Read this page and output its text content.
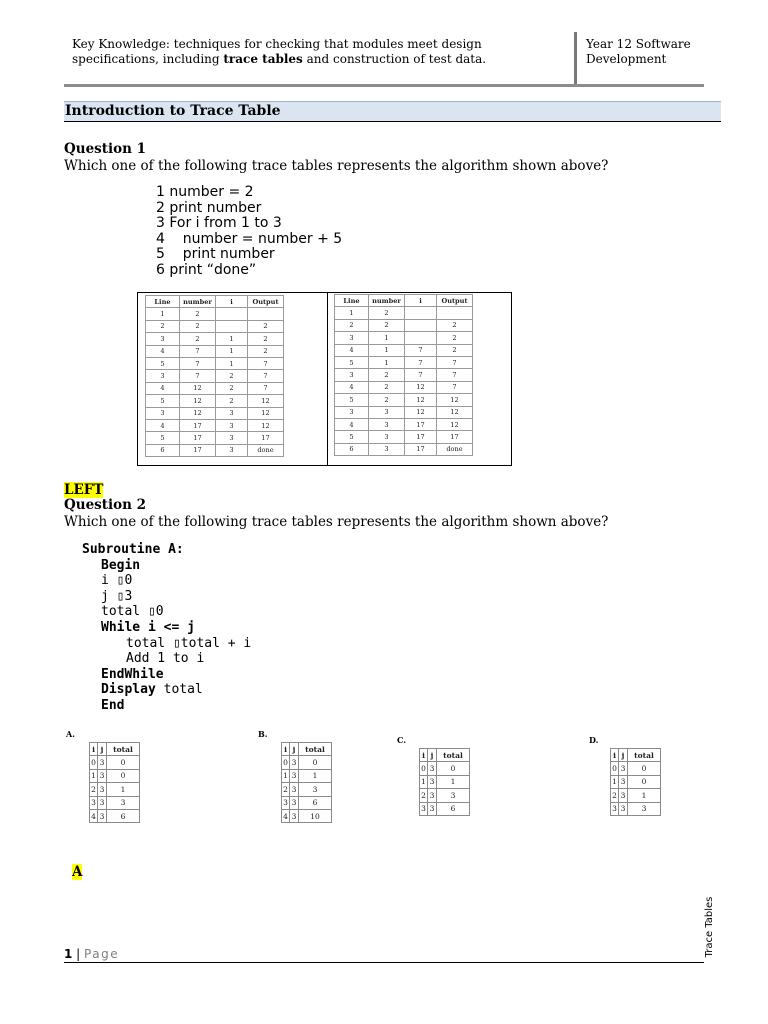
Key Knowledge: techniques for checking that modules meet design specifications, including trace tables and construction of test data.
Year 12 Software
Development
Introduction to Trace Table
Question 1
Which one of the following trace tables represents the algorithm shown above?
1 number = 2
2 print number
3 For i from 1 to 3
4    number = number + 5
5    print number
6 print “done”
Line	number	i	Output
1	2		
2	2		2
3	2	1	2
4	7	1	2
5	7	1	7
3	7	2	7
4	12	2	7
5	12	2	12
3	12	3	12
4	17	3	12
5	17	3	17
6	17	3	done
Line	number	i	Output
1	2		
2	2		2
3	1		2
4	1	7	2
5	1	7	7
3	2	7	7
4	2	12	7
5	2	12	12
3	3	12	12
4	3	17	12
5	3	17	17
6	3	17	done
LEFT
Question 2
Which one of the following trace tables represents the algorithm shown above?
Subroutine A:
Begin
i ▯0
j ▯3
total ▯0
While i <= j
total ▯total + i
Add 1 to i
EndWhile
Display total
End
A.
i	j	total
0	3	0
1	3	0
2	3	1
3	3	3
4	3	6
B.
i	j	total
0	3	0
1	3	1
2	3	3
3	3	6
4	3	10
C.
i	j	total
0	3	0
1	3	1
2	3	3
3	3	6
D.
i	j	total
0	3	0
1	3	0
2	3	1
3	3	3
A
1 | Page	Trace Tables
